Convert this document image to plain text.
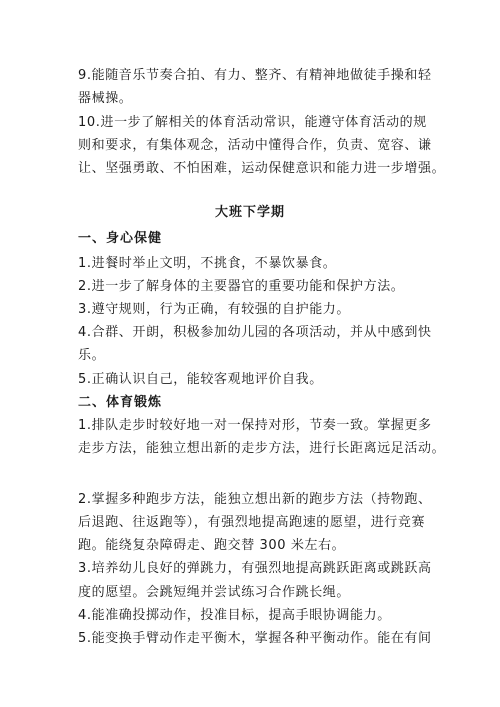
9.能随音乐节奏合拍、有力、整齐、有精神地做徒手操和轻
器械操。
10.进一步了解相关的体育活动常识，能遵守体育活动的规
则和要求，有集体观念，活动中懂得合作，负责、宽容、谦
让、坚强勇敢、不怕困难，运动保健意识和能力进一步增强。
大班下学期
一、身心保健
1.进餐时举止文明，不挑食，不暴饮暴食。
2.进一步了解身体的主要器官的重要功能和保护方法。
3.遵守规则，行为正确，有较强的自护能力。
4.合群、开朗，积极参加幼儿园的各项活动，并从中感到快
乐。
5.正确认识自己，能较客观地评价自我。
二、体育锻炼
1.排队走步时较好地一对一保持对形，节奏一致。掌握更多
走步方法，能独立想出新的走步方法，进行长距离远足活动。
2.掌握多种跑步方法，能独立想出新的跑步方法（持物跑、
后退跑、往返跑等），有强烈地提高跑速的愿望，进行竞赛
跑。能绕复杂障碍走、跑交替 300 米左右。
3.培养幼儿良好的弹跳力，有强烈地提高跳跃距离或跳跃高
度的愿望。会跳短绳并尝试练习合作跳长绳。
4.能准确投掷动作，投准目标，提高手眼协调能力。
5.能变换手臂动作走平衡木，掌握各种平衡动作。能在有间
